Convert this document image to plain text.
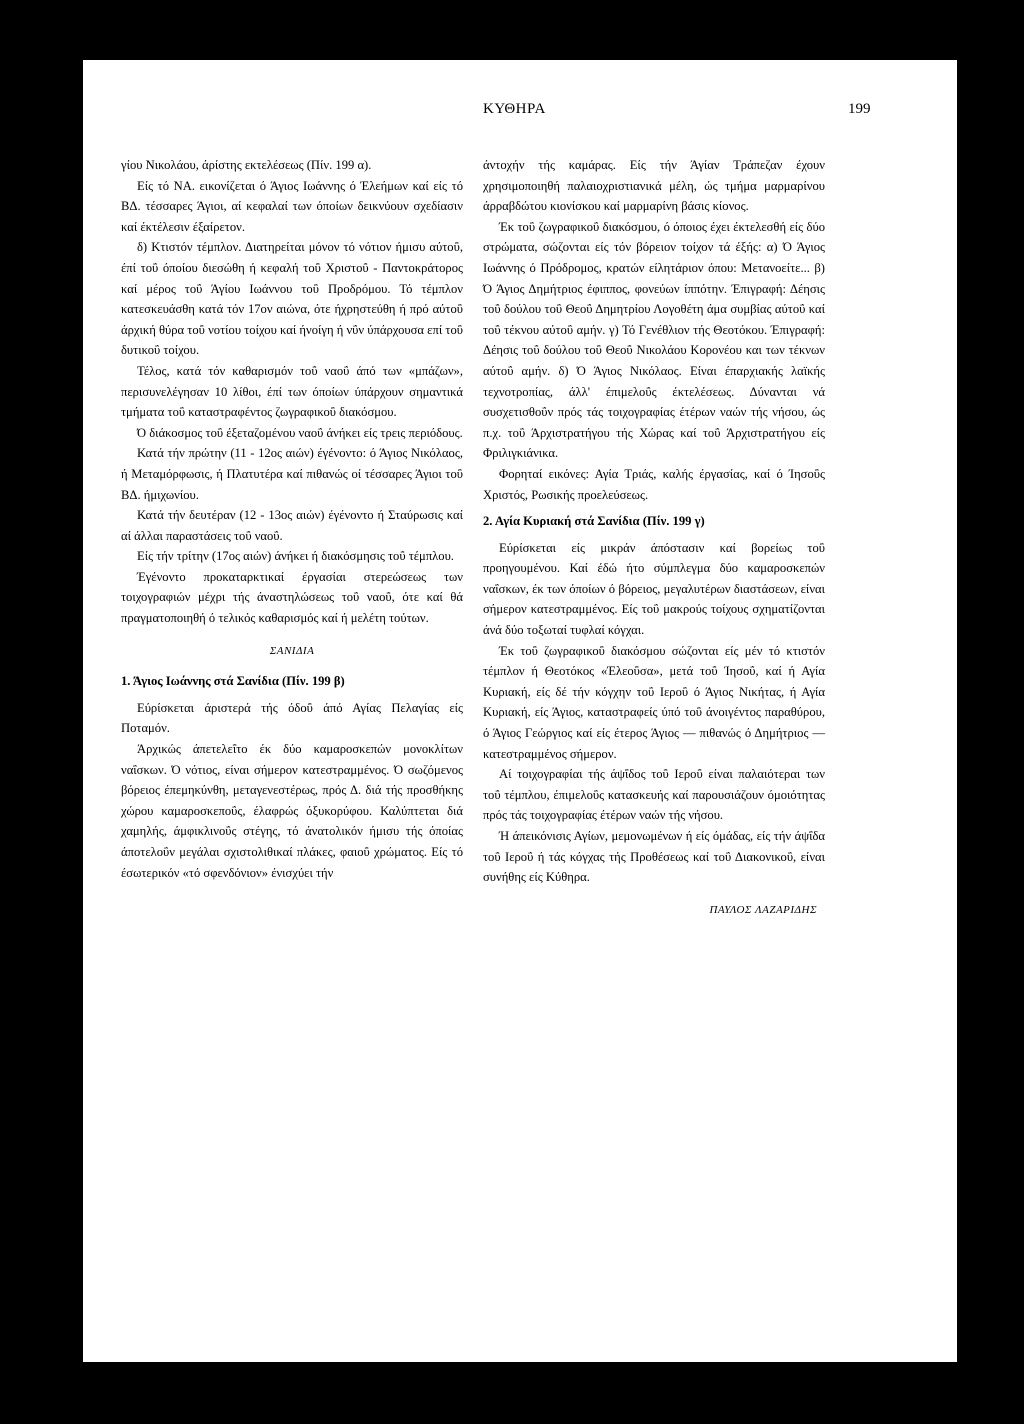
ΚΥΘΗΡΑ	199

γίου Νικολάου, άρίστης εκτελέσεως (Πίν. 199 α).

Είς τό ΝΑ. εικονίζεται ό Άγιος Ιωάννης ό Έλεήμων καί είς τό ΒΔ. τέσσαρες Άγιοι, αί κεφαλαί των όποίων δεικνύουν σχεδίασιν καί έκτέλεσιν έξαίρετον.

δ) Κτιστόν τέμπλον. Διατηρείται μόνον τό νότιον ήμισυ αύτοΰ, έπί τοΰ όποίου διεσώθη ή κεφαλή τοΰ Χριστοΰ - Παντοκράτορος καί μέρος τοΰ Άγίου Ιωάννου τοΰ Προδρόμου. Τό τέμπλον κατεσκευάσθη κατά τόν 17ον αιώνα, ότε ήχρηστεύθη ή πρό αύτοΰ άρχική θύρα τοΰ νοτίου τοίχου καί ήνοίγη ή νΰν ύπάρχουσα επί τοΰ δυτικοΰ τοίχου.

Τέλος, κατά τόν καθαρισμόν τοΰ ναοΰ άπό των «μπάζων», περισυνελέγησαν 10 λίθοι, έπί των όποίων ύπάρχουν σημαντικά τμήματα τοΰ καταστραφέντος ζωγραφικοΰ διακόσμου.

Ό διάκοσμος τοΰ έξεταζομένου ναοΰ άνήκει είς τρεις περιόδους.

Κατά τήν πρώτην (11 - 12ος αιών) έγένοντο: ό Άγιος Νικόλαος, ή Μεταμόρφωσις, ή Πλατυτέρα καί πιθανώς οί τέσσαρες Άγιοι τοΰ ΒΔ. ήμιχωνίου.

Κατά τήν δευτέραν (12 - 13ος αιών) έγένοντο ή Σταύρωσις καί αί άλλαι παραστάσεις τοΰ ναοΰ.

Είς τήν τρίτην (17ος αιών) άνήκει ή διακόσμησις τοΰ τέμπλου.

Έγένοντο προκαταρκτικαί έργασίαι στερεώσεως των τοιχογραφιών μέχρι τής άναστηλώσεως τοΰ ναοΰ, ότε καί θά πραγματοποιηθή ό τελικός καθαρισμός καί ή μελέτη τούτων.

ΣΑΝΙΔΙΑ

1. Άγιος Ιωάννης στά Σανίδια (Πίν. 199 β)

Εύρίσκεται άριστερά τής όδοΰ άπό Αγίας Πελαγίας είς Ποταμόν.

Άρχικώς άπετελεΐτο έκ δύο καμαροσκεπών μονοκλίτων ναΐσκων. Ό νότιος, είναι σήμερον κατεστραμμένος. Ό σωζόμενος βόρειος έπεμηκύνθη, μεταγενεστέρως, πρός Δ. διά τής προσθήκης χώρου καμαροσκεποΰς, έλαφρώς όξυκορύφου. Καλύπτεται διά χαμηλής, άμφικλινοΰς στέγης, τό άνατολικόν ήμισυ τής όποίας άποτελοΰν μεγάλαι σχιστολιθικαί πλάκες, φαιοΰ χρώματος. Είς τό έσωτερικόν «τό σφενδόνιον» ένισχύει τήν

άντοχήν τής καμάρας. Είς τήν Άγίαν Τράπεζαν έχουν χρησιμοποιηθή παλαιοχριστιανικά μέλη, ώς τμήμα μαρμαρίνου άρραβδώτου κιονίσκου καί μαρμαρίνη βάσις κίονος.

Έκ τοΰ ζωγραφικοΰ διακόσμου, ό όποιος έχει έκτελεσθή είς δύο στρώματα, σώζονται είς τόν βόρειον τοίχον τά έξής: α) Ό Άγιος Ιωάννης ό Πρόδρομος, κρατών είλητάριον όπου: Μετανοείτε... β) Ό Άγιος Δημήτριος έφιππος, φονεύων ίππότην. Έπιγραφή: Δέησις τοΰ δούλου τοΰ Θεοΰ Δημητρίου Λογοθέτη άμα συμβίας αύτοΰ καί τοΰ τέκνου αύτοΰ αμήν. γ) Τό Γενέθλιον τής Θεοτόκου. Έπιγραφή: Δέησις τοΰ δούλου τοΰ Θεοΰ Νικολάου Κορονέου και των τέκνων αύτοΰ αμήν. δ) Ό Άγιος Νικόλαος. Είναι έπαρχιακής λαϊκής τεχνοτροπίας, άλλ' έπιμελοΰς έκτελέσεως. Δύνανται νά συσχετισθοΰν πρός τάς τοιχογραφίας έτέρων ναών τής νήσου, ώς π.χ. τοΰ Άρχιστρατήγου τής Χώρας καί τοΰ Άρχιστρατήγου είς Φριλιγκιάνικα.

Φορηταί εικόνες: Αγία Τριάς, καλής έργασίας, καί ό Ίησοΰς Χριστός, Ρωσικής προελεύσεως.

2. Αγία Κυριακή στά Σανίδια (Πίν. 199 γ)

Εύρίσκεται είς μικράν άπόστασιν καί βορείως τοΰ προηγουμένου. Καί έδώ ήτο σύμπλεγμα δύο καμαροσκεπών ναΐσκων, έκ των όποίων ό βόρειος, μεγαλυτέρων διαστάσεων, είναι σήμερον κατεστραμμένος. Είς τοΰ μακρούς τοίχους σχηματίζονται άνά δύο τοξωταί τυφλαί κόγχαι.

Έκ τοΰ ζωγραφικοΰ διακόσμου σώζονται είς μέν τό κτιστόν τέμπλον ή Θεοτόκος «Έλεοΰσα», μετά τοΰ Ίησοΰ, καί ή Αγία Κυριακή, είς δέ τήν κόγχην τοΰ Ιεροΰ ό Άγιος Νικήτας, ή Αγία Κυριακή, είς Άγιος, καταστραφείς ύπό τοΰ άνοιγέντος παραθύρου, ό Άγιος Γεώργιος καί είς έτερος Άγιος — πιθανώς ό Δημήτριος — κατεστραμμένος σήμερον.

Αί τοιχογραφίαι τής άψΐδος τοΰ Ιεροΰ είναι παλαιότεραι των τοΰ τέμπλου, έπιμελοΰς κατασκευής καί παρουσιάζουν όμοιότητας πρός τάς τοιχογραφίας έτέρων ναών τής νήσου.

Ή άπεικόνισις Αγίων, μεμονωμένων ή είς όμάδας, είς τήν άψΐδα τοΰ Ιεροΰ ή τάς κόγχας τής Προθέσεως καί τοΰ Διακονικοΰ, είναι συνήθης είς Κύθηρα.

ΠΑΥΛΟΣ ΛΑΖΑΡΙΔΗΣ
